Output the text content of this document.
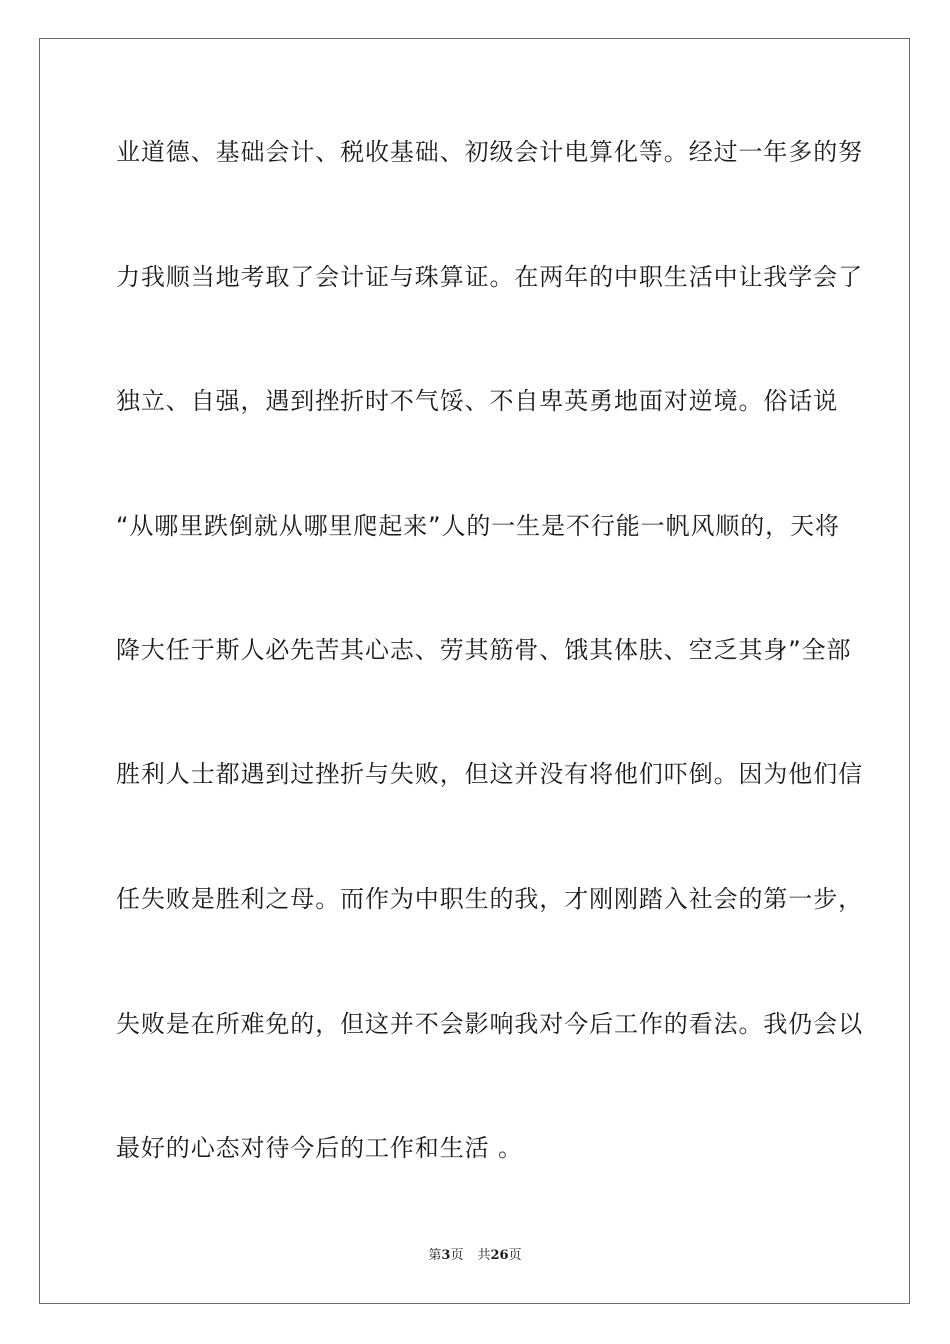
业道德、基础会计、税收基础、初级会计电算化等。经过一年多的努
力我顺当地考取了会计证与珠算证。在两年的中职生活中让我学会了
独立、自强，遇到挫折时不气馁、不自卑英勇地面对逆境。俗话说
“从哪里跌倒就从哪里爬起来”人的一生是不行能一帆风顺的，天将
降大任于斯人必先苦其心志、劳其筋骨、饿其体肤、空乏其身”全部
胜利人士都遇到过挫折与失败，但这并没有将他们吓倒。因为他们信
任失败是胜利之母。而作为中职生的我，才刚刚踏入社会的第一步，
失败是在所难免的，但这并不会影响我对今后工作的看法。我仍会以
最好的心态对待今后的工作和生活 。
第3页 共26页
